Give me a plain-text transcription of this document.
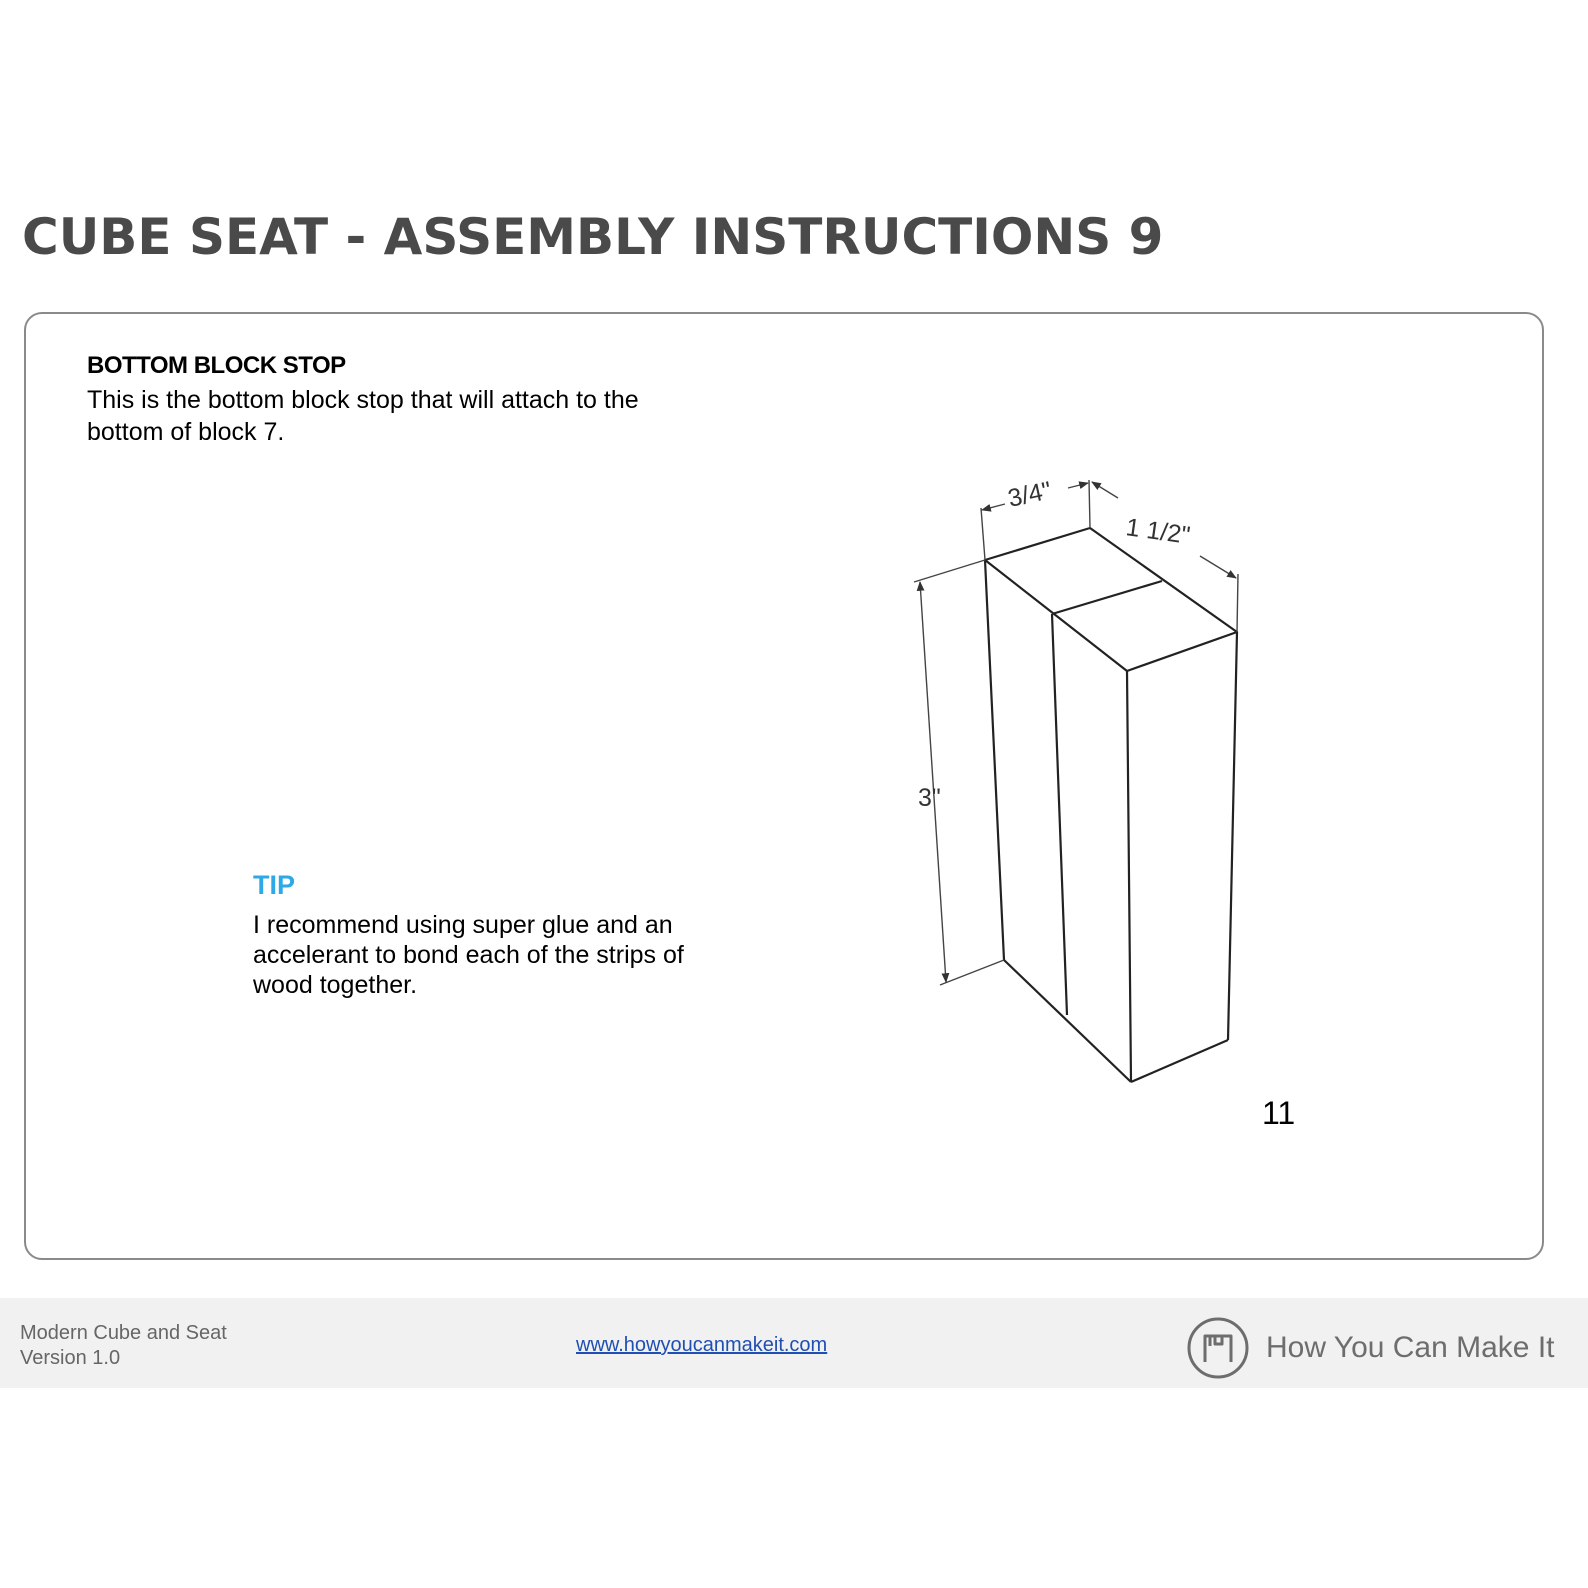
CUBE SEAT - ASSEMBLY INSTRUCTIONS 9
BOTTOM BLOCK STOP

This is the bottom block stop that will attach to the bottom of block 7.

TIP

I recommend using super glue and an accelerant to bond each of the strips of wood together.

3/4"
1 1/2"
3"

11

Modern Cube and Seat

Version 1.0

www.howyoucanmakeit.com	How You Can Make It
